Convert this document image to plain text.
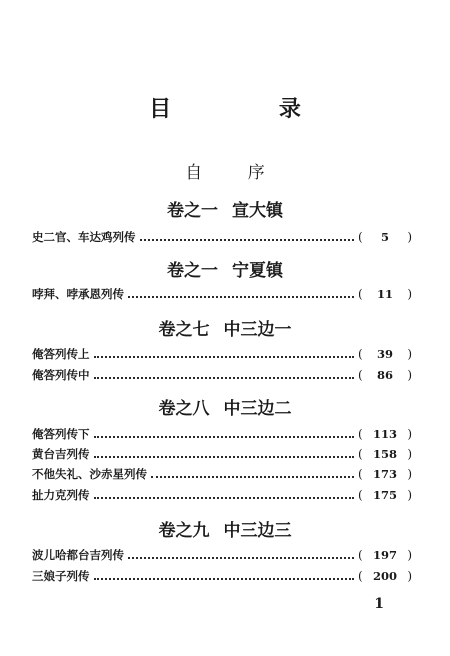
目 录
自 序
卷之一 宣大镇
史二官、车达鸡列传	(	5	)
卷之一 宁夏镇
哱拜、哱承恩列传	(	11	)
卷之七 中三边一
俺答列传上	(	39	)
俺答列传中	(	86	)
卷之八 中三边二
俺答列传下	( 113 )
黄台吉列传	( 158 )
不他失礼、沙赤星列传	( 173 )
扯力克列传	( 175 )
卷之九 中三边三
波儿哈都台吉列传	( 197 )
三娘子列传	( 200 )
1
